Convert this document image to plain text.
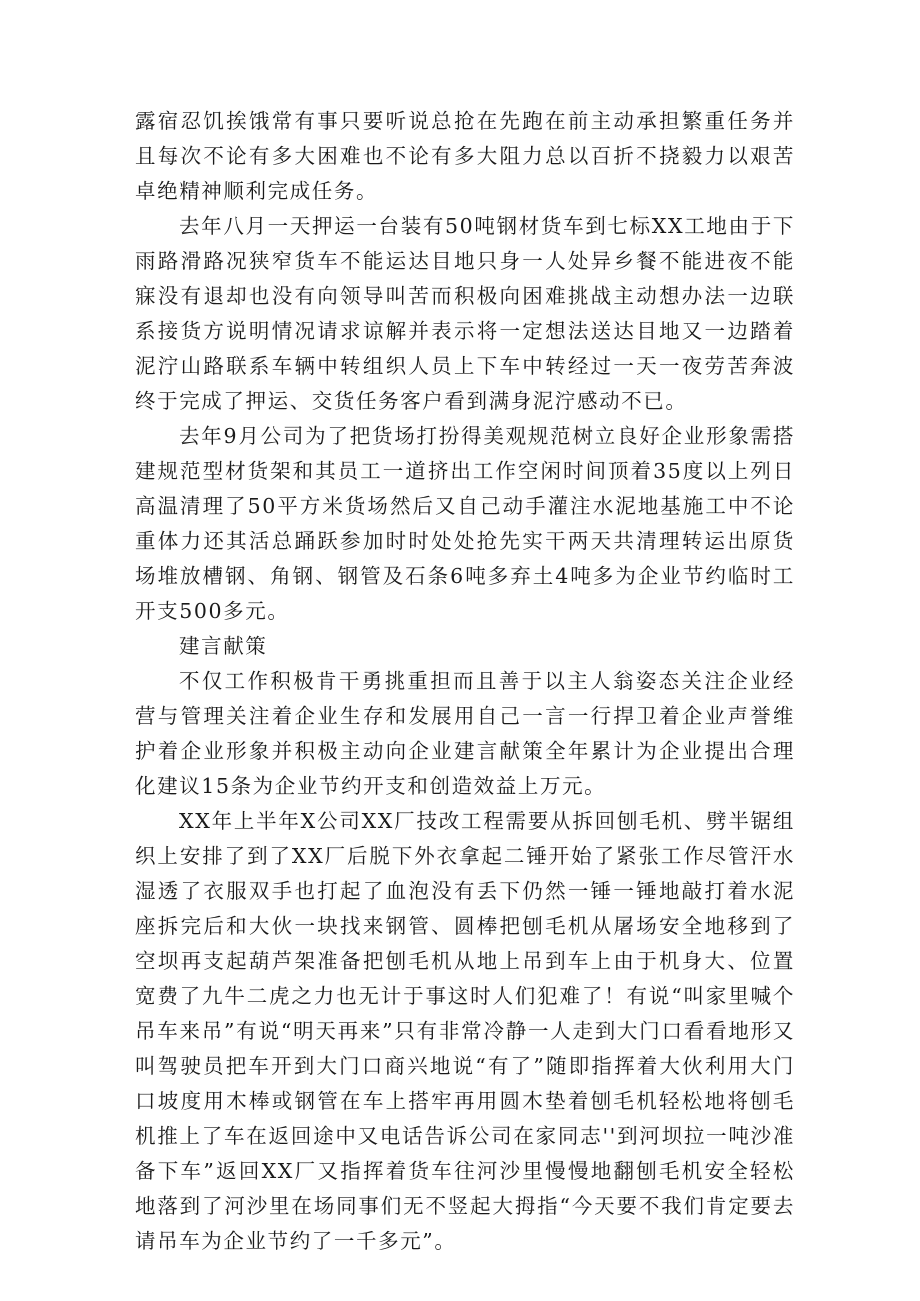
露宿忍饥挨饿常有事只要听说总抢在先跑在前主动承担繁重任务并且每次不论有多大困难也不论有多大阻力总以百折不挠毅力以艰苦卓绝精神顺利完成任务。

去年八月一天押运一台装有50吨钢材货车到七标XX工地由于下雨路滑路况狭窄货车不能运达目地只身一人处异乡餐不能进夜不能寐没有退却也没有向领导叫苦而积极向困难挑战主动想办法一边联系接货方说明情况请求谅解并表示将一定想法送达目地又一边踏着泥泞山路联系车辆中转组织人员上下车中转经过一天一夜劳苦奔波终于完成了押运、交货任务客户看到满身泥泞感动不已。

去年9月公司为了把货场打扮得美观规范树立良好企业形象需搭建规范型材货架和其员工一道挤出工作空闲时间顶着35度以上列日高温清理了50平方米货场然后又自己动手灌注水泥地基施工中不论重体力还其活总踊跃参加时时处处抢先实干两天共清理转运出原货场堆放槽钢、角钢、钢管及石条6吨多弃土4吨多为企业节约临时工开支500多元。

建言献策

不仅工作积极肯干勇挑重担而且善于以主人翁姿态关注企业经营与管理关注着企业生存和发展用自己一言一行捍卫着企业声誉维护着企业形象并积极主动向企业建言献策全年累计为企业提出合理化建议15条为企业节约开支和创造效益上万元。

XX年上半年X公司XX厂技改工程需要从拆回刨毛机、劈半锯组织上安排了到了XX厂后脱下外衣拿起二锤开始了紧张工作尽管汗水湿透了衣服双手也打起了血泡没有丢下仍然一锤一锤地敲打着水泥座拆完后和大伙一块找来钢管、圆棒把刨毛机从屠场安全地移到了空坝再支起葫芦架准备把刨毛机从地上吊到车上由于机身大、位置宽费了九牛二虎之力也无计于事这时人们犯难了！有说“叫家里喊个吊车来吊”有说“明天再来”只有非常冷静一人走到大门口看看地形又叫驾驶员把车开到大门口商兴地说“有了”随即指挥着大伙利用大门口坡度用木棒或钢管在车上搭牢再用圆木垫着刨毛机轻松地将刨毛机推上了车在返回途中又电话告诉公司在家同志''到河坝拉一吨沙准备下车”返回XX厂又指挥着货车往河沙里慢慢地翻刨毛机安全轻松地落到了河沙里在场同事们无不竖起大拇指“今天要不我们肯定要去请吊车为企业节约了一千多元”。
